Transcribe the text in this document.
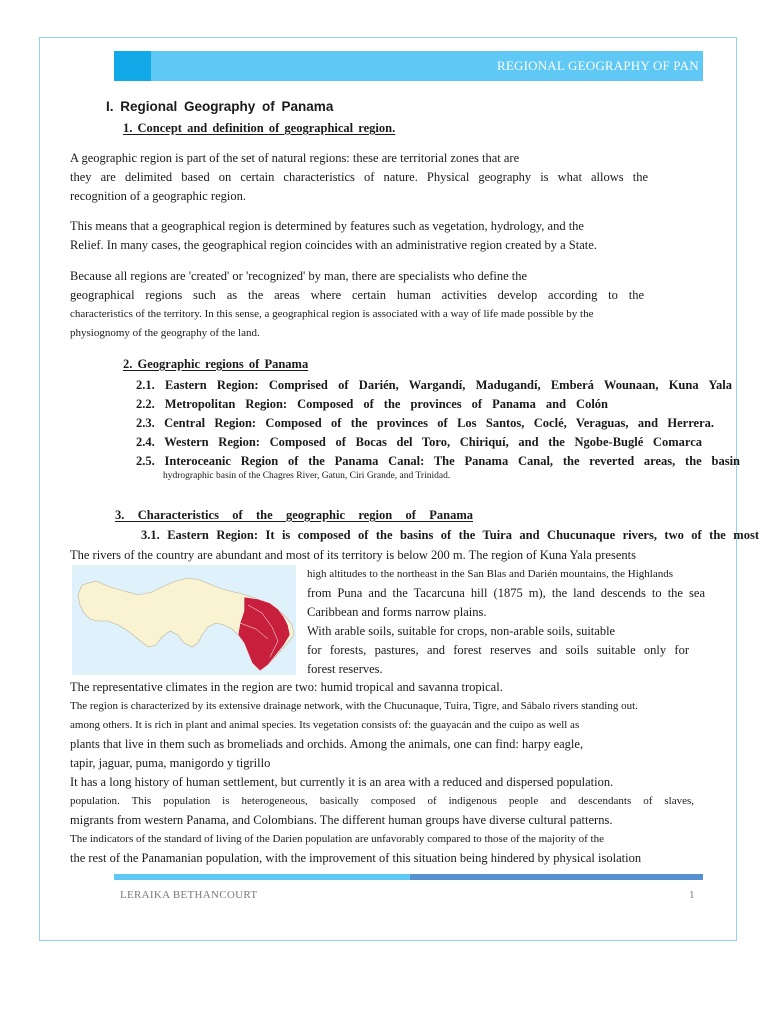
REGIONAL GEOGRAPHY OF PAN
I. Regional Geography of Panama
1. Concept and definition of geographical region.
A geographic region is part of the set of natural regions: these are territorial zones that are
they are delimited based on certain characteristics of nature. Physical geography is what allows the
recognition of a geographic region.
This means that a geographical region is determined by features such as vegetation, hydrology, and the
Relief. In many cases, the geographical region coincides with an administrative region created by a State.
Because all regions are 'created' or 'recognized' by man, there are specialists who define the
geographical regions such as the areas where certain human activities develop according to the
characteristics of the territory. In this sense, a geographical region is associated with a way of life made possible by the
physiognomy of the geography of the land.
2. Geographic regions of Panama
2.1. Eastern Region: Comprised of Darién, Wargandí, Madugandí, Emberá Wounaan, Kuna Yala
2.2. Metropolitan Region: Composed of the provinces of Panama and Colón
2.3. Central Region: Composed of the provinces of Los Santos, Coclé, Veraguas, and Herrera.
2.4. Western Region: Composed of Bocas del Toro, Chiriquí, and the Ngobe-Buglé Comarca
2.5. Interoceanic Region of the Panama Canal: The Panama Canal, the reverted areas, the basin
hydrographic basin of the Chagres River, Gatun, Ciri Grande, and Trinidad.
3. Characteristics of the geographic region of Panama
3.1. Eastern Region: It is composed of the basins of the Tuira and Chucunaque rivers, two of the most
The rivers of the country are abundant and most of its territory is below 200 m. The region of Kuna Yala presents
high altitudes to the northeast in the San Blas and Darién mountains, the Highlands
from Puna and the Tacarcuna hill (1875 m), the land descends to the sea
Caribbean and forms narrow plains.
With arable soils, suitable for crops, non-arable soils, suitable
for forests, pastures, and forest reserves and soils suitable only for
forest reserves.
The representative climates in the region are two: humid tropical and savanna tropical.
The region is characterized by its extensive drainage network, with the Chucunaque, Tuira, Tigre, and Sábalo rivers standing out.
among others. It is rich in plant and animal species. Its vegetation consists of: the guayacán and the cuipo as well as
plants that live in them such as bromeliads and orchids. Among the animals, one can find: harpy eagle,
tapir, jaguar, puma, manigordo y tigrillo
It has a long history of human settlement, but currently it is an area with a reduced and dispersed population.
population. This population is heterogeneous, basically composed of indigenous people and descendants of slaves,
migrants from western Panama, and Colombians. The different human groups have diverse cultural patterns.
The indicators of the standard of living of the Darien population are unfavorably compared to those of the majority of the
the rest of the Panamanian population, with the improvement of this situation being hindered by physical isolation
LERAIKA BETHANCOURT	1
